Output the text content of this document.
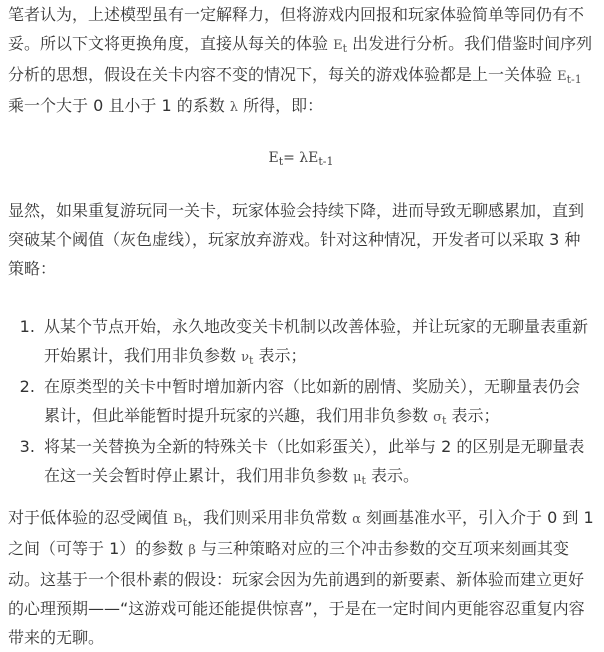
笔者认为，上述模型虽有一定解释力，但将游戏内回报和玩家体验简单等同仍有不妥。所以下文将更换角度，直接从每关的体验 $E_t$ 出发进行分析。我们借鉴时间序列分析的思想，假设在关卡内容不变的情况下，每关的游戏体验都是上一关体验 $E_{t-1}$ 乘一个大于 0 且小于 1 的系数 λ 所得，即：

$E_t= \lambda E_{t-1}$

显然，如果重复游玩同一关卡，玩家体验会持续下降，进而导致无聊感累加，直到突破某个阈值（灰色虚线），玩家放弃游戏。针对这种情况，开发者可以采取 3 种策略：

1. 从某个节点开始，永久地改变关卡机制以改善体验，并让玩家的无聊量表重新开始累计，我们用非负参数 $\nu_t$ 表示；
2. 在原类型的关卡中暂时增加新内容（比如新的剧情、奖励关），无聊量表仍会累计，但此举能暂时提升玩家的兴趣，我们用非负参数 $\sigma_t$ 表示；
3. 将某一关替换为全新的特殊关卡（比如彩蛋关），此举与 2 的区别是无聊量表在这一关会暂时停止累计，我们用非负参数 $\mu_t$ 表示。

对于低体验的忍受阈值 $B_t$，我们则采用非负常数 α 刻画基准水平，引入介于 0 到 1 之间（可等于 1）的参数 β 与三种策略对应的三个冲击参数的交互项来刻画其变动。这基于一个很朴素的假设：玩家会因为先前遇到的新要素、新体验而建立更好的心理预期——“这游戏可能还能提供惊喜”，于是在一定时间内更能容忍重复内容带来的无聊。
